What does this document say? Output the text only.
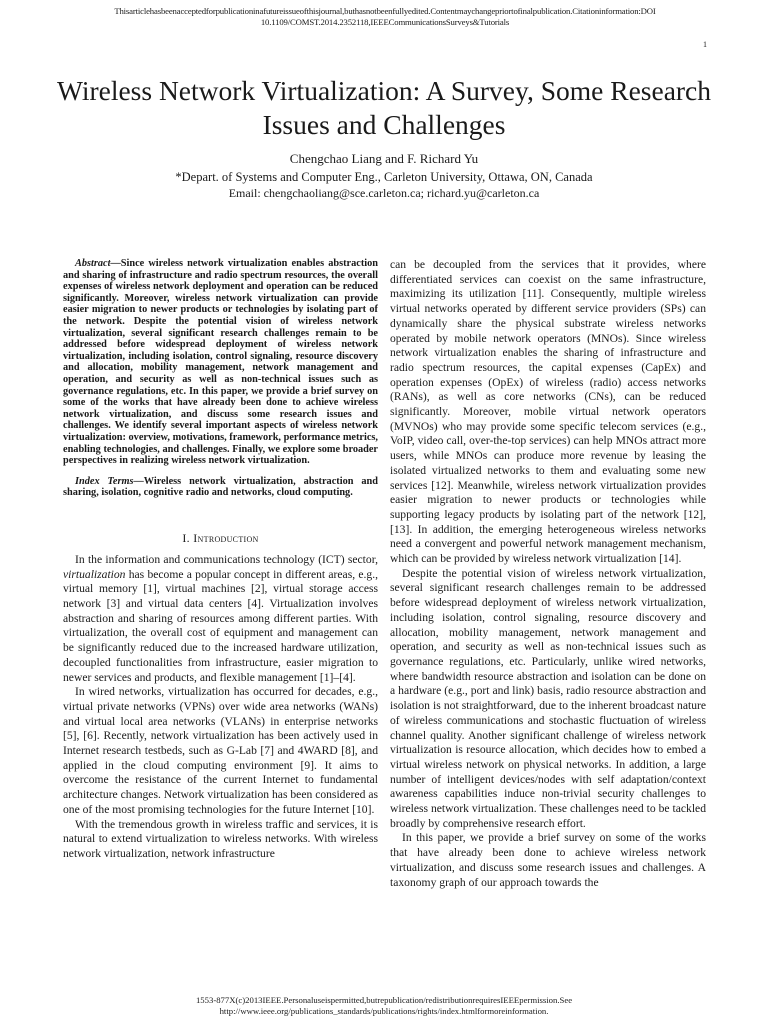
Thisarticlehasbeenacceptedforpublicationinafutureissueofthisjournal,buthasnotbeenfullyedited.Contentmaychangepriortofinalpublication.Citationinformation:DOI
10.1109/COMST.2014.2352118,IEEECommunicationsSurveys&Tutorials
1
Wireless Network Virtualization: A Survey, Some Research Issues and Challenges
Chengchao Liang and F. Richard Yu
*Depart. of Systems and Computer Eng., Carleton University, Ottawa, ON, Canada
Email: chengchaoliang@sce.carleton.ca; richard.yu@carleton.ca

Abstract—Since wireless network virtualization enables abstraction and sharing of infrastructure and radio spectrum resources, the overall expenses of wireless network deployment and operation can be reduced significantly. Moreover, wireless network virtualization can provide easier migration to newer products or technologies by isolating part of the network. Despite the potential vision of wireless network virtualization, several significant research challenges remain to be addressed before widespread deployment of wireless network virtualization, including isolation, control signaling, resource discovery and allocation, mobility management, network management and operation, and security as well as non-technical issues such as governance regulations, etc. In this paper, we provide a brief survey on some of the works that have already been done to achieve wireless network virtualization, and discuss some research issues and challenges. We identify several important aspects of wireless network virtualization: overview, motivations, framework, performance metrics, enabling technologies, and challenges. Finally, we explore some broader perspectives in realizing wireless network virtualization.

Index Terms—Wireless network virtualization, abstraction and sharing, isolation, cognitive radio and networks, cloud computing.

I. Introduction

In the information and communications technology (ICT) sector, virtualization has become a popular concept in different areas, e.g., virtual memory [1], virtual machines [2], virtual storage access network [3] and virtual data centers [4]. Virtualization involves abstraction and sharing of resources among different parties. With virtualization, the overall cost of equipment and management can be significantly reduced due to the increased hardware utilization, decoupled functionalities from infrastructure, easier migration to newer services and products, and flexible management [1]–[4].

In wired networks, virtualization has occurred for decades, e.g., virtual private networks (VPNs) over wide area networks (WANs) and virtual local area networks (VLANs) in enterprise networks [5], [6]. Recently, network virtualization has been actively used in Internet research testbeds, such as G-Lab [7] and 4WARD [8], and applied in the cloud computing environment [9]. It aims to overcome the resistance of the current Internet to fundamental architecture changes. Network virtualization has been considered as one of the most promising technologies for the future Internet [10].

With the tremendous growth in wireless traffic and services, it is natural to extend virtualization to wireless networks. With wireless network virtualization, network infrastructure

can be decoupled from the services that it provides, where differentiated services can coexist on the same infrastructure, maximizing its utilization [11]. Consequently, multiple wireless virtual networks operated by different service providers (SPs) can dynamically share the physical substrate wireless networks operated by mobile network operators (MNOs). Since wireless network virtualization enables the sharing of infrastructure and radio spectrum resources, the capital expenses (CapEx) and operation expenses (OpEx) of wireless (radio) access networks (RANs), as well as core networks (CNs), can be reduced significantly. Moreover, mobile virtual network operators (MVNOs) who may provide some specific telecom services (e.g., VoIP, video call, over-the-top services) can help MNOs attract more users, while MNOs can produce more revenue by leasing the isolated virtualized networks to them and evaluating some new services [12]. Meanwhile, wireless network virtualization provides easier migration to newer products or technologies while supporting legacy products by isolating part of the network [12], [13]. In addition, the emerging heterogeneous wireless networks need a convergent and powerful network management mechanism, which can be provided by wireless network virtualization [14].

Despite the potential vision of wireless network virtualization, several significant research challenges remain to be addressed before widespread deployment of wireless network virtualization, including isolation, control signaling, resource discovery and allocation, mobility management, network management and operation, and security as well as non-technical issues such as governance regulations, etc. Particularly, unlike wired networks, where bandwidth resource abstraction and isolation can be done on a hardware (e.g., port and link) basis, radio resource abstraction and isolation is not straightforward, due to the inherent broadcast nature of wireless communications and stochastic fluctuation of wireless channel quality. Another significant challenge of wireless network virtualization is resource allocation, which decides how to embed a virtual wireless network on physical networks. In addition, a large number of intelligent devices/nodes with self adaptation/context awareness capabilities induce non-trivial security challenges to wireless network virtualization. These challenges need to be tackled broadly by comprehensive research effort.

In this paper, we provide a brief survey on some of the works that have already been done to achieve wireless network virtualization, and discuss some research issues and challenges. A taxonomy graph of our approach towards the

1553-877X(c)2013IEEE.Personaluseispermitted,butrepublication/redistributionrequiresIEEEpermission.See
http://www.ieee.org/publications_standards/publications/rights/index.htmlformoreinformation.
